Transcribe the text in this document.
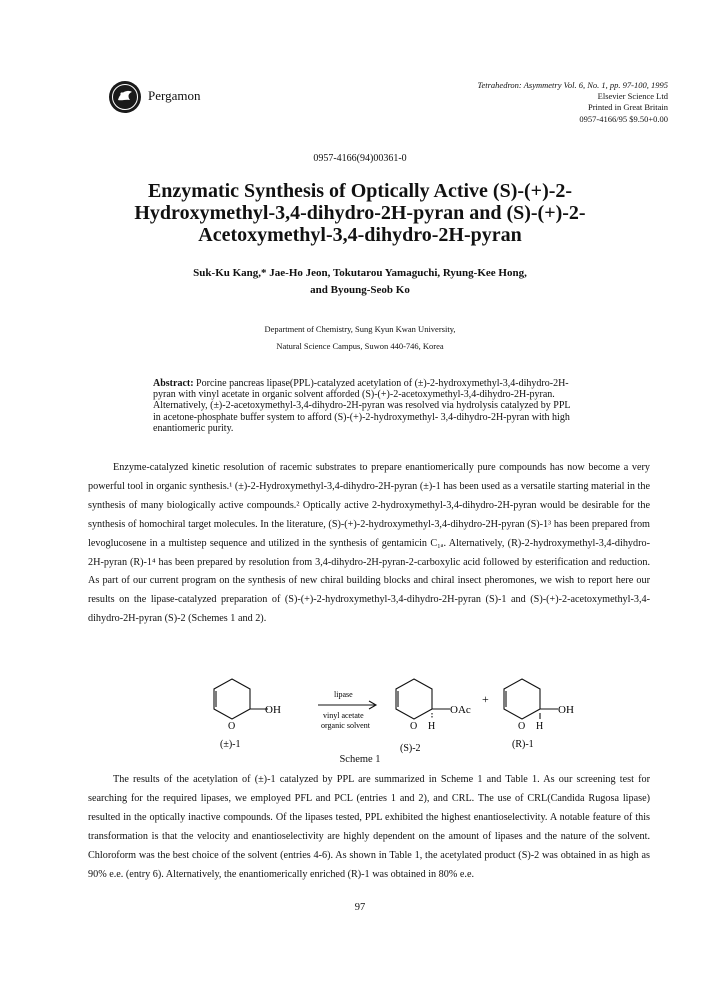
Pergamon
Tetrahedron: Asymmetry Vol. 6, No. 1, pp. 97-100, 1995
Elsevier Science Ltd
Printed in Great Britain
0957-4166/95 $9.50+0.00
0957-4166(94)00361-0
Enzymatic Synthesis of Optically Active (S)-(+)-2-Hydroxymethyl-3,4-dihydro-2H-pyran and (S)-(+)-2-Acetoxymethyl-3,4-dihydro-2H-pyran
Suk-Ku Kang,* Jae-Ho Jeon, Tokutarou Yamaguchi, Ryung-Kee Hong,
and Byoung-Seob Ko
Department of Chemistry, Sung Kyun Kwan University,
Natural Science Campus, Suwon 440-746, Korea
Abstract: Porcine pancreas lipase(PPL)-catalyzed acetylation of (±)-2-hydroxymethyl-3,4-dihydro-2H-pyran with vinyl acetate in organic solvent afforded (S)-(+)-2-acetoxymethyl-3,4-dihydro-2H-pyran. Alternatively, (±)-2-acetoxymethyl-3,4-dihydro-2H-pyran was resolved via hydrolysis catalyzed by PPL in acetone-phosphate buffer system to afford (S)-(+)-2-hydroxymethyl- 3,4-dihydro-2H-pyran with high enantiomeric purity.

Enzyme-catalyzed kinetic resolution of racemic substrates to prepare enantiomerically pure compounds has now become a very powerful tool in organic synthesis.¹ (±)-2-Hydroxymethyl-3,4-dihydro-2H-pyran (±)-1 has been used as a versatile starting material in the synthesis of many biologically active compounds.² Optically active 2-hydroxymethyl-3,4-dihydro-2H-pyran would be desirable for the synthesis of homochiral target molecules. In the literature, (S)-(+)-2-hydroxymethyl-3,4-dihydro-2H-pyran (S)-1³ has been prepared from levoglucosene in a multistep sequence and utilized in the synthesis of gentamicin C₁ₐ. Alternatively, (R)-2-hydroxymethyl-3,4-dihydro-2H-pyran (R)-1⁴ has been prepared by resolution from 3,4-dihydro-2H-pyran-2-carboxylic acid followed by esterification and reduction. As part of our current program on the synthesis of new chiral building blocks and chiral insect pheromones, we wish to report here our results on the lipase-catalyzed preparation of (S)-(+)-2-hydroxymethyl-3,4-dihydro-2H-pyran (S)-1 and (S)-(+)-2-acetoxymethyl-3,4-dihydro-2H-pyran (S)-2 (Schemes 1 and 2).

OH
O
OAc
O H
+
OH
O H
lipase
vinyl acetate
organic solvent
(±)-1	(S)-2	(R)-1
Scheme 1

The results of the acetylation of (±)-1 catalyzed by PPL are summarized in Scheme 1 and Table 1. As our screening test for searching for the required lipases, we employed PFL and PCL (entries 1 and 2), and CRL. The use of CRL(Candida Rugosa lipase) resulted in the optically inactive compounds. Of the lipases tested, PPL exhibited the highest enantioselectivity. A notable feature of this transformation is that the velocity and enantioselectivity are highly dependent on the amount of lipases and the nature of the solvent. Chloroform was the best choice of the solvent (entries 4-6). As shown in Table 1, the acetylated product (S)-2 was obtained in as high as 90% e.e. (entry 6). Alternatively, the enantiomerically enriched (R)-1 was obtained in 80% e.e.

97
